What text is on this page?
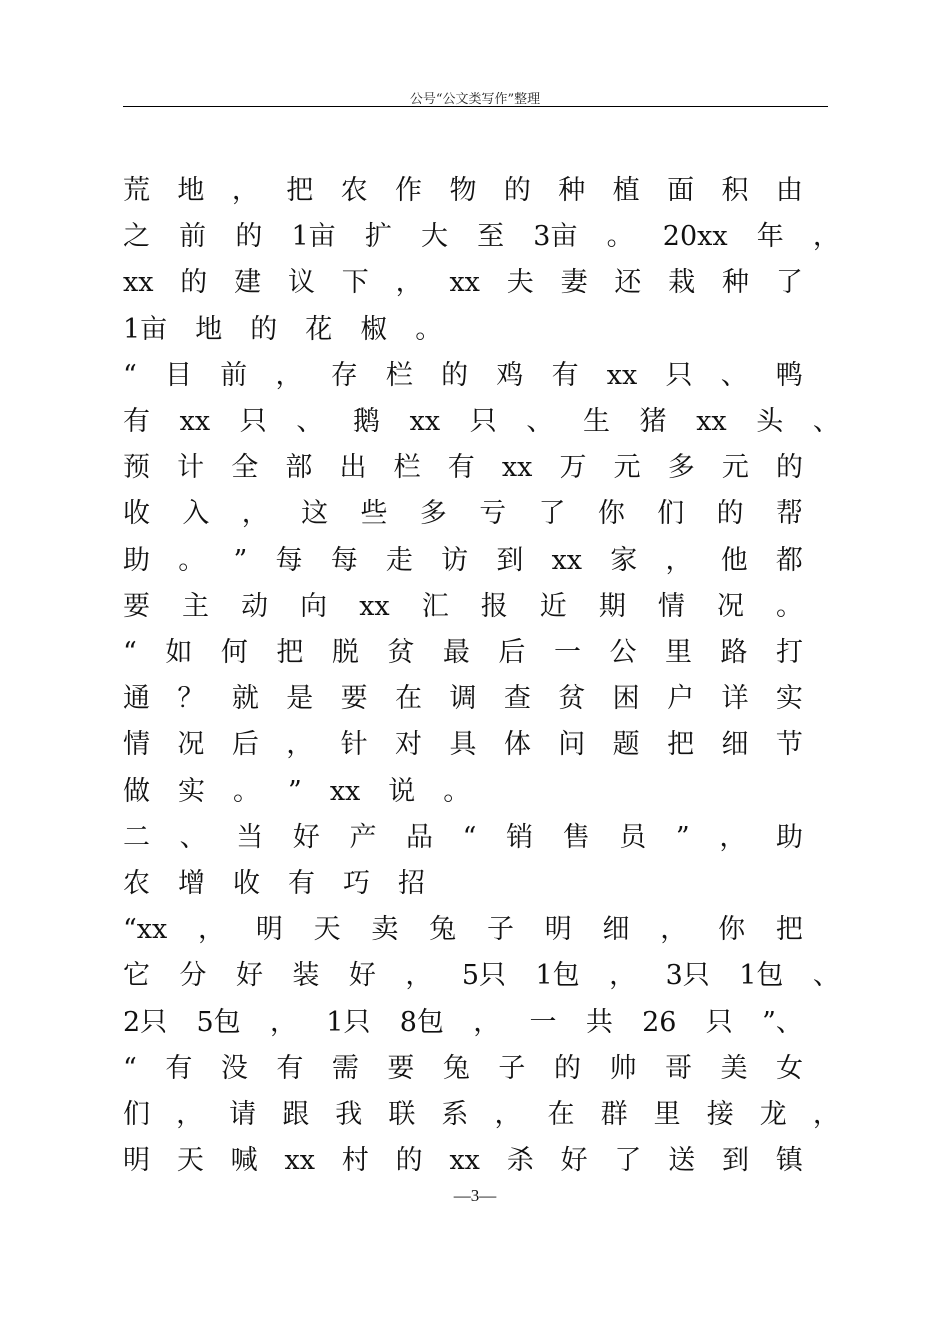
公号“公文类写作”整理
荒 地 ， 把 农 作 物 的 种 植 面 积 由
之 前 的 1亩 扩 大 至 3亩 。 20xx 年 ，
xx 的 建 议 下 ， xx 夫 妻 还 栽 种 了
1亩 地 的 花 椒 。
“ 目 前 ， 存 栏 的 鸡 有 xx 只 、 鸭
有 xx 只 、 鹅 xx 只 、 生 猪 xx 头 、
预 计 全 部 出 栏 有 xx 万 元 多 元 的
收 入 ， 这 些 多 亏 了 你 们 的 帮
助 。 ” 每 每 走 访 到 xx 家 ， 他 都
要 主 动 向 xx 汇 报 近 期 情 况 。
“ 如 何 把 脱 贫 最 后 一 公 里 路 打
通 ？ 就 是 要 在 调 查 贫 困 户 详 实
情 况 后 ， 针 对 具 体 问 题 把 细 节
做 实 。 ” xx 说 。
二 、 当 好 产 品 “ 销 售 员 ” ， 助
农 增 收 有 巧 招
“xx ， 明 天 卖 兔 子 明 细 ， 你 把
它 分 好 装 好 ， 5只 1包 ， 3只 1包 、
2只 5包 ， 1只 8包 ， 一 共 26 只 ”、
“ 有 没 有 需 要 兔 子 的 帅 哥 美 女
们 ， 请 跟 我 联 系 ， 在 群 里 接 龙 ，
明 天 喊 xx 村 的 xx 杀 好 了 送 到 镇
—3—
